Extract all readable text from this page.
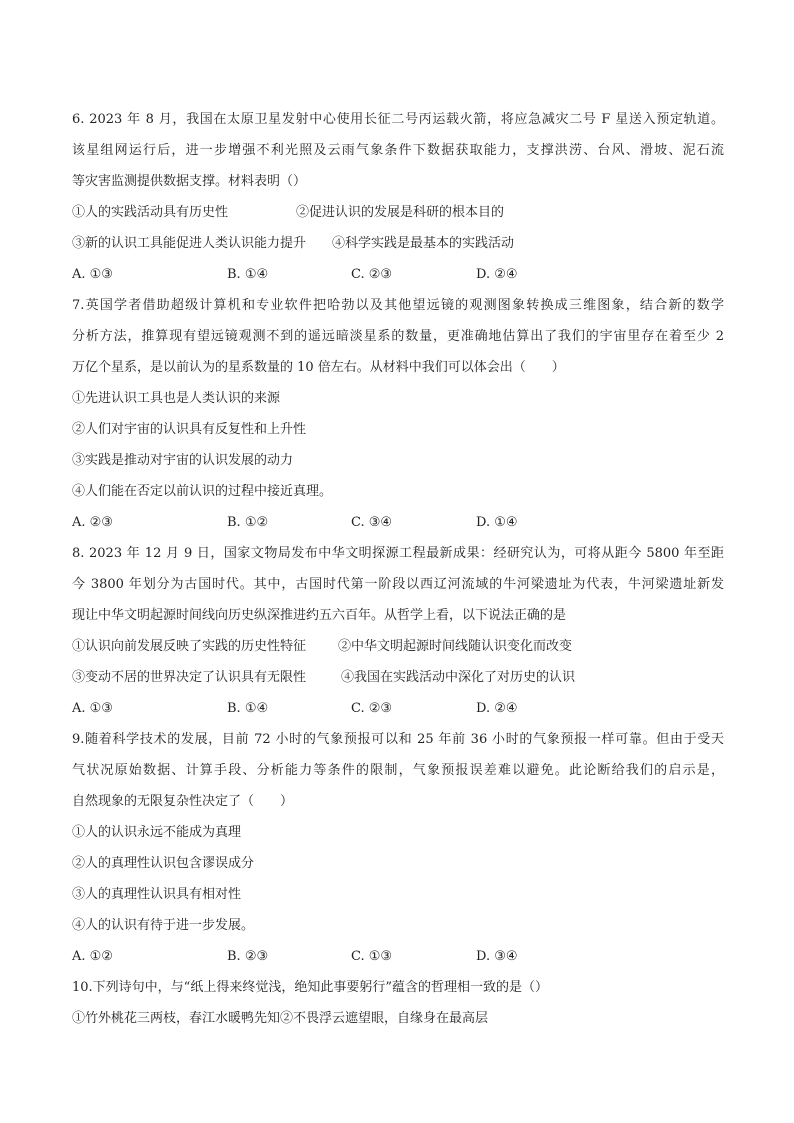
6. 2023 年 8 月，我国在太原卫星发射中心使用长征二号丙运载火箭，将应急减灾二号 F 星送入预定轨道。
该星组网运行后，进一步增强不利光照及云雨气象条件下数据获取能力，支撑洪涝、台风、滑坡、泥石流
等灾害监测提供数据支撑。材料表明（）
①人的实践活动具有历史性	②促进认识的发展是科研的根本目的
③新的认识工具能促进人类认识能力提升 ④科学实践是最基本的实践活动
A. ①③	B. ①④	C. ②③	D. ②④
7.英国学者借助超级计算机和专业软件把哈勃以及其他望远镜的观测图象转换成三维图象，结合新的数学
分析方法，推算现有望远镜观测不到的遥远暗淡星系的数量，更准确地估算出了我们的宇宙里存在着至少 2
万亿个星系，是以前认为的星系数量的 10 倍左右。从材料中我们可以体会出（　　）
①先进认识工具也是人类认识的来源
②人们对宇宙的认识具有反复性和上升性
③实践是推动对宇宙的认识发展的动力
④人们能在否定以前认识的过程中接近真理。
A. ②③	B. ①②	C. ③④	D. ①④
8. 2023 年 12 月 9 日，国家文物局发布中华文明探源工程最新成果：经研究认为，可将从距今 5800 年至距
今 3800 年划分为古国时代。其中，古国时代第一阶段以西辽河流域的牛河梁遗址为代表，牛河梁遗址新发
现让中华文明起源时间线向历史纵深推进约五六百年。从哲学上看，以下说法正确的是
①认识向前发展反映了实践的历史性特征 ②中华文明起源时间线随认识变化而改变
③变动不居的世界决定了认识具有无限性	④我国在实践活动中深化了对历史的认识
A. ①③	B. ①④	C. ②③	D. ②④
9.随着科学技术的发展，目前 72 小时的气象预报可以和 25 年前 36 小时的气象预报一样可靠。但由于受天
气状况原始数据、计算手段、分析能力等条件的限制，气象预报误差难以避免。此论断给我们的启示是，
自然现象的无限复杂性决定了（　　）
①人的认识永远不能成为真理
②人的真理性认识包含谬误成分
③人的真理性认识具有相对性
④人的认识有待于进一步发展。
A. ①②	B. ②③	C. ①③	D. ③④
10.下列诗句中，与“纸上得来终觉浅，绝知此事要躬行”蕴含的哲理相一致的是（）
①竹外桃花三两枝，春江水暖鸭先知②不畏浮云遮望眼，自缘身在最高层
